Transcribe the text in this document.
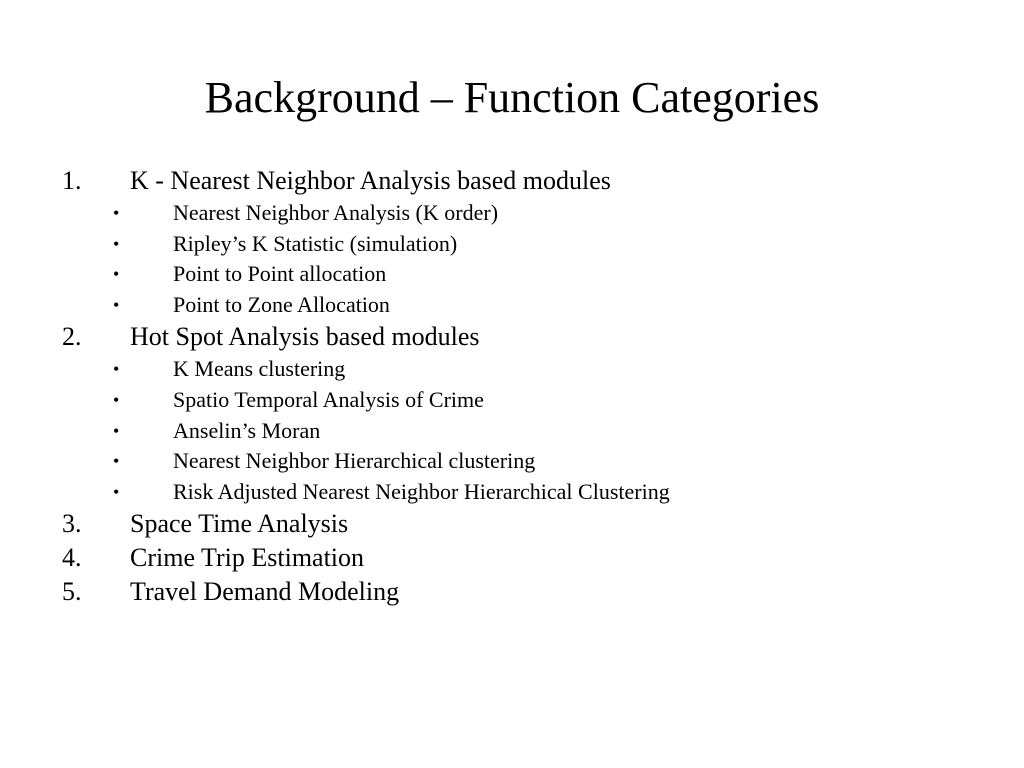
Background – Function Categories
1. K - Nearest Neighbor Analysis based modules
• Nearest Neighbor Analysis (K order)
• Ripley’s K Statistic (simulation)
• Point to Point allocation
• Point to Zone Allocation
2. Hot Spot Analysis based modules
• K Means clustering
• Spatio Temporal Analysis of Crime
• Anselin’s Moran
• Nearest Neighbor Hierarchical clustering
• Risk Adjusted Nearest Neighbor Hierarchical Clustering
3. Space Time Analysis
4. Crime Trip Estimation
5. Travel Demand Modeling
